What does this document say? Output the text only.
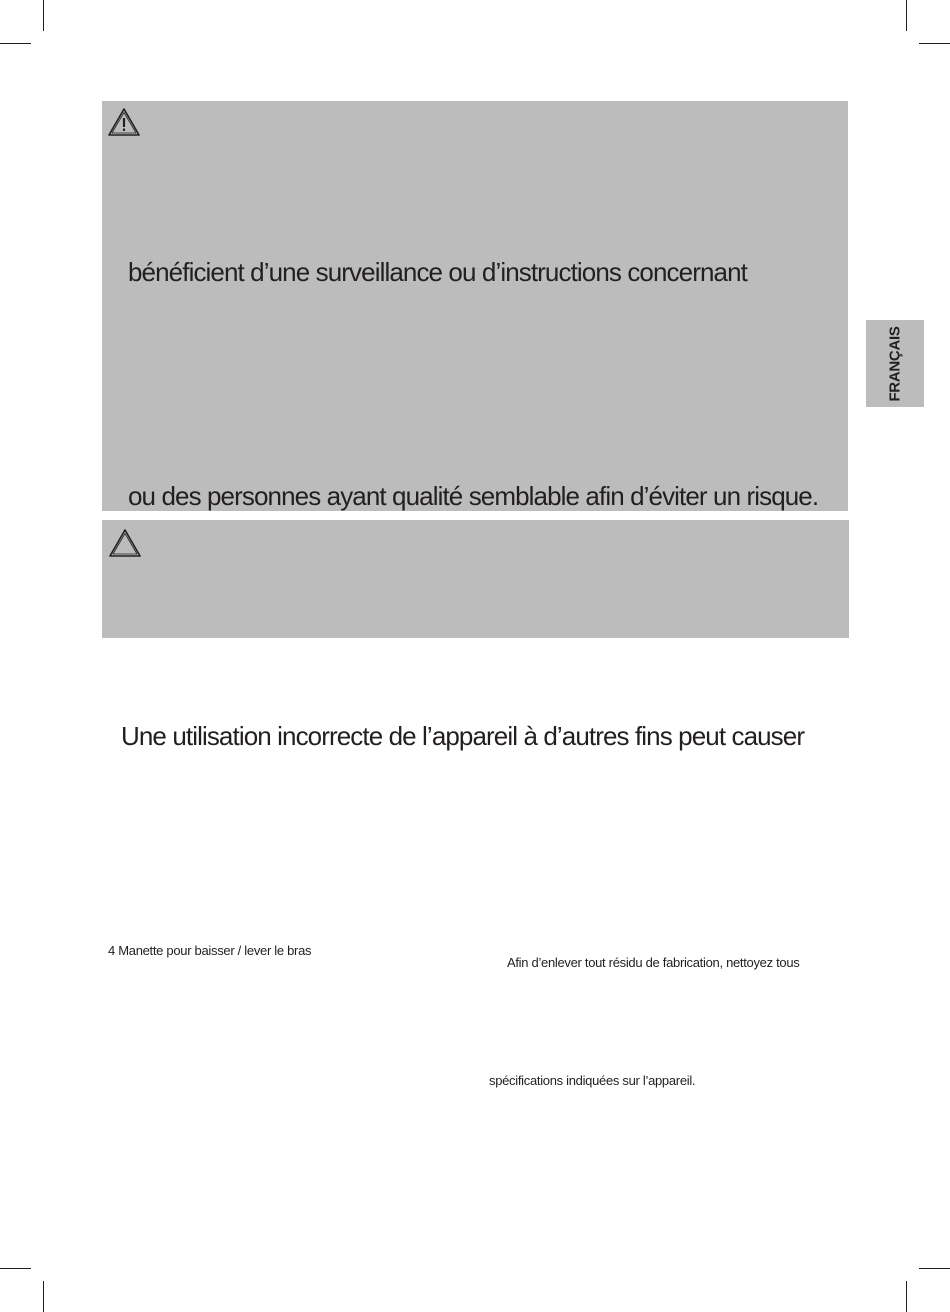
bénéficient d’une surveillance ou d’instructions concernant
ou des personnes ayant qualité semblable afin d’éviter un risque.
Une utilisation incorrecte de l’appareil à d’autres fins peut causer
4 Manette pour baisser / lever le bras
Afin d’enlever tout résidu de fabrication, nettoyez tous
spécifications indiquées sur l’appareil.
FRANÇAIS
